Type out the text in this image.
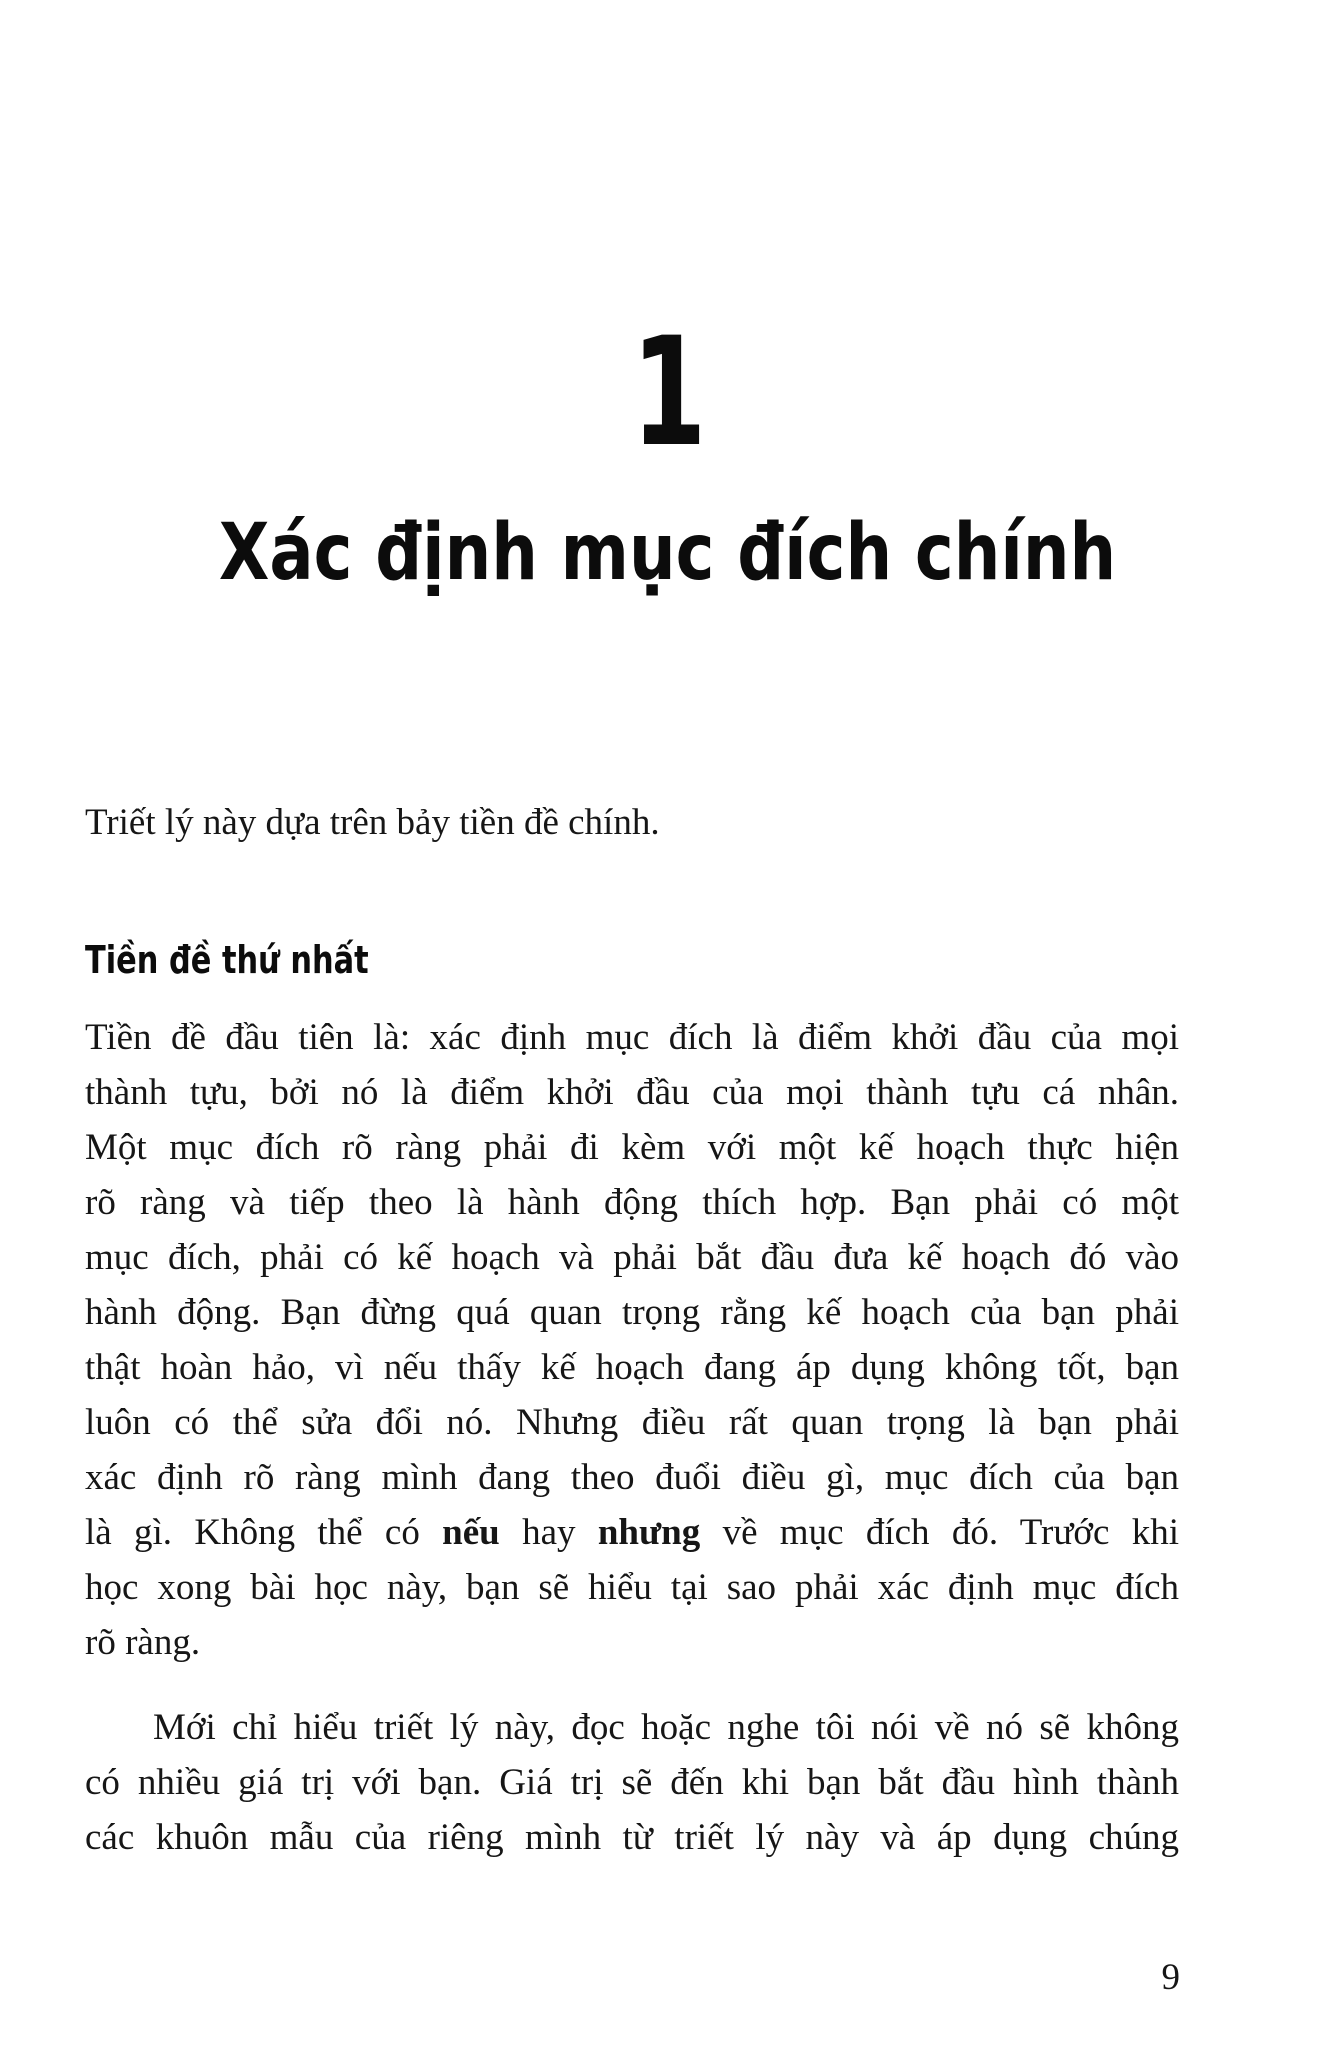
1
Xác định mục đích chính
Triết lý này dựa trên bảy tiền đề chính.
Tiền đề thứ nhất
Tiền đề đầu tiên là: xác định mục đích là điểm khởi đầu của mọi
thành tựu, bởi nó là điểm khởi đầu của mọi thành tựu cá nhân.
Một mục đích rõ ràng phải đi kèm với một kế hoạch thực hiện
rõ ràng và tiếp theo là hành động thích hợp. Bạn phải có một
mục đích, phải có kế hoạch và phải bắt đầu đưa kế hoạch đó vào
hành động. Bạn đừng quá quan trọng rằng kế hoạch của bạn phải
thật hoàn hảo, vì nếu thấy kế hoạch đang áp dụng không tốt, bạn
luôn có thể sửa đổi nó. Nhưng điều rất quan trọng là bạn phải
xác định rõ ràng mình đang theo đuổi điều gì, mục đích của bạn
là gì. Không thể có nếu hay nhưng về mục đích đó. Trước khi
học xong bài học này, bạn sẽ hiểu tại sao phải xác định mục đích
rõ ràng.
Mới chỉ hiểu triết lý này, đọc hoặc nghe tôi nói về nó sẽ không
có nhiều giá trị với bạn. Giá trị sẽ đến khi bạn bắt đầu hình thành
các khuôn mẫu của riêng mình từ triết lý này và áp dụng chúng
9
